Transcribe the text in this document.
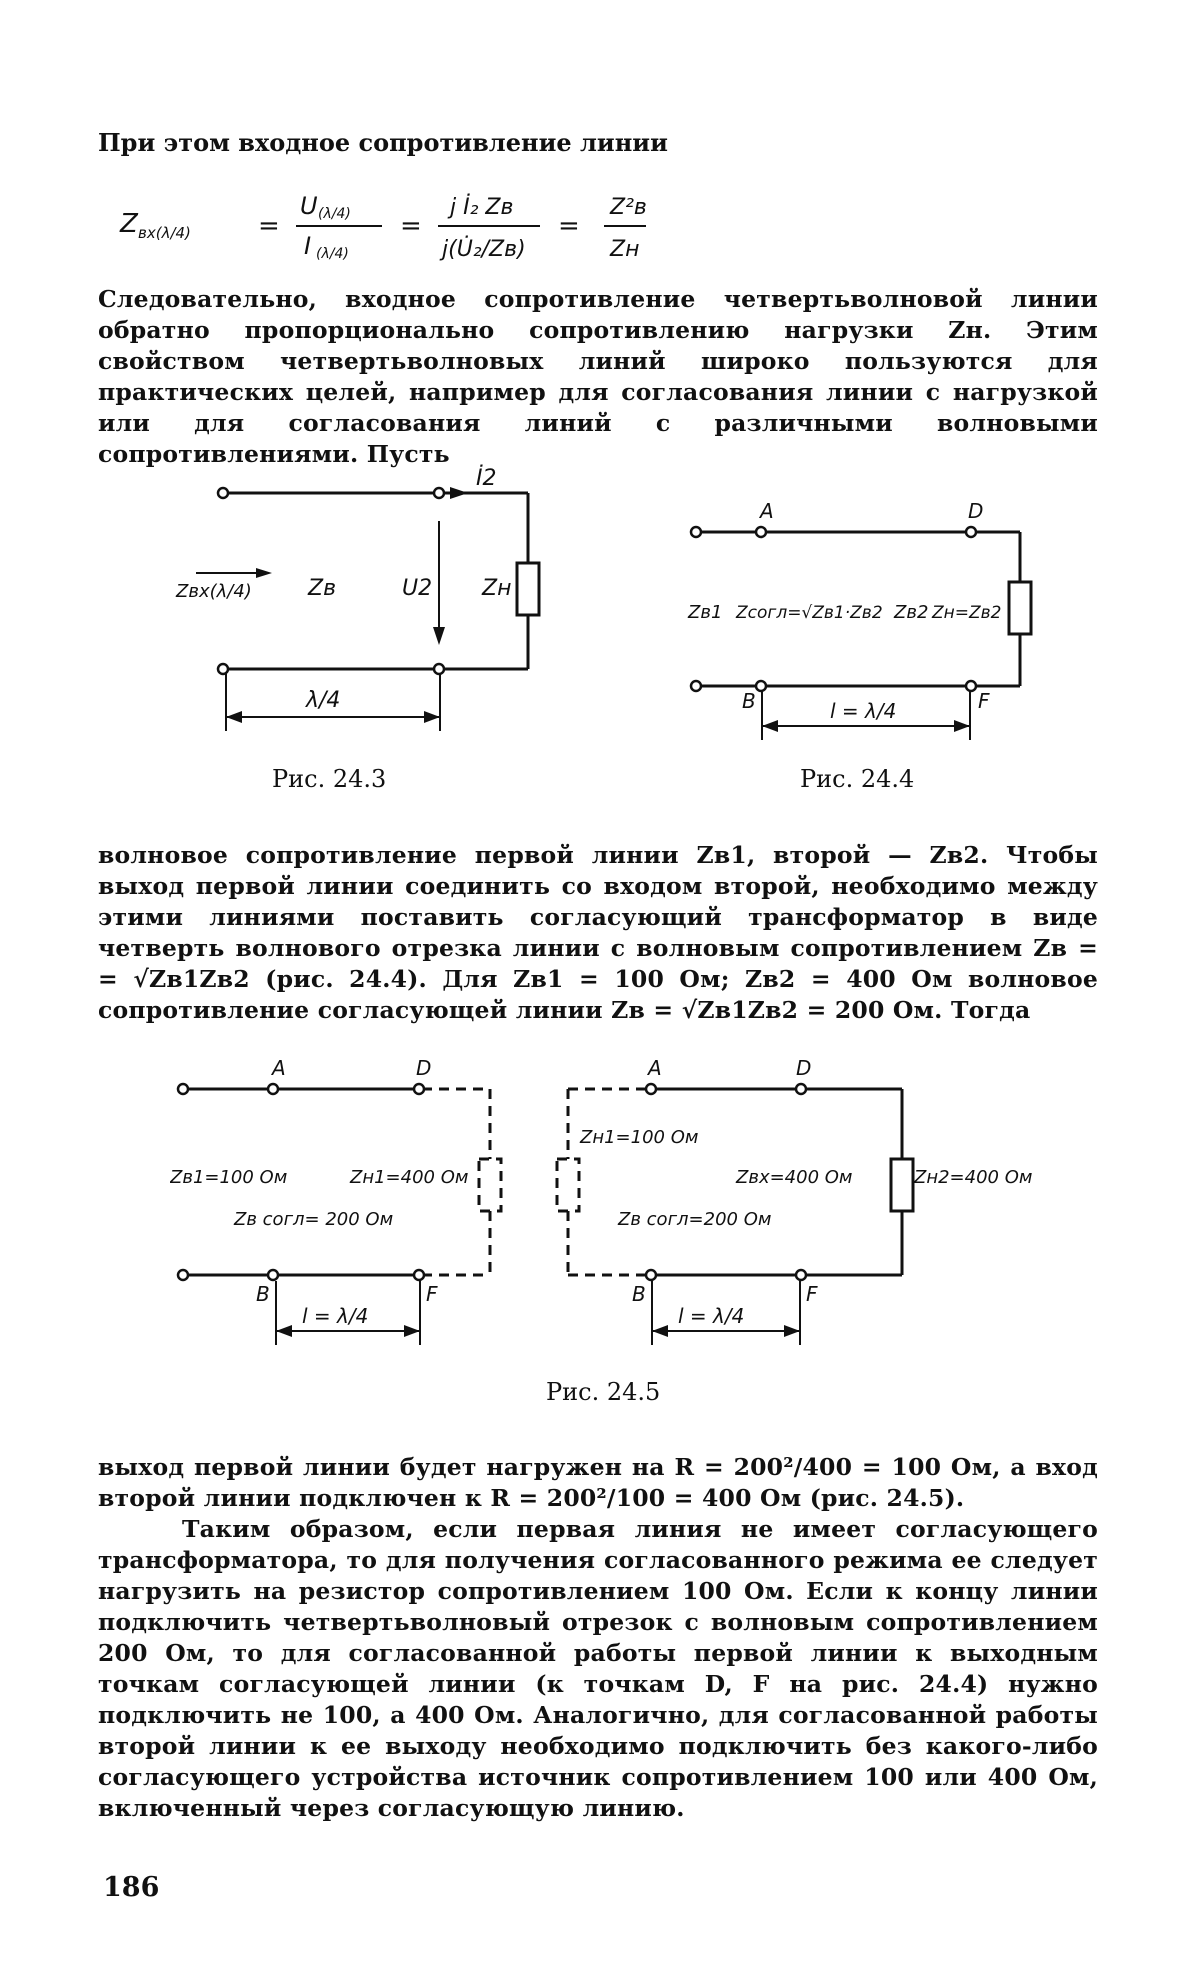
При этом входное сопротивление линии
Z вх(λ/4)	=
U (λ/4)
I (λ/4)
=
j İ₂ Zв
j(U̇₂/Zв)
=
Z²в
Zн
Следовательно, входное сопротивление четвертьволновой линии обратно пропорционально сопротивлению нагрузки Zн. Этим свойством четвертьволновых линий широко пользуются для практических целей, например для согласования линии с нагрузкой или для согласования линий с различными волновыми сопротивлениями. Пусть
İ2
Zвх(λ/4)	Zв	U2 Zн
λ/4
Рис. 24.3
A	D
B	F
Zв1 Zсогл=√Zв1·Zв2 Zв2 Zн=Zв2
l = λ/4
Рис. 24.4
волновое сопротивление первой линии Zв1, второй — Zв2. Чтобы выход первой линии соединить со входом второй, необходимо между этими линиями поставить согласующий трансформатор в виде четверть волнового отрезка линии с волновым сопротивлением Zв = = √Zв1Zв2 (рис. 24.4). Для Zв1 = 100 Ом; Zв2 = 400 Ом волновое сопротивление согласующей линии Zв = √Zв1Zв2 = 200 Ом. Тогда
A	D
B	F
Zв1=100 Ом	Zн1=400 Ом
Zв согл= 200 Ом
l = λ/4
A	D
B	F
Zн1=100 Ом
Zвх=400 Ом	Zн2=400 Ом
Zв согл=200 Ом
l = λ/4
Рис. 24.5
выход первой линии будет нагружен на R = 200²/400 = 100 Ом, а вход второй линии подключен к R = 200²/100 = 400 Ом (рис. 24.5).
Таким образом, если первая линия не имеет согласующего трансформатора, то для получения согласованного режима ее следует нагрузить на резистор сопротивлением 100 Ом. Если к концу линии подключить четвертьволновый отрезок с волновым сопротивлением 200 Ом, то для согласованной работы первой линии к выходным точкам согласующей линии (к точкам D, F на рис. 24.4) нужно подключить не 100, а 400 Ом. Аналогично, для согласованной работы второй линии к ее выходу необходимо подключить без какого-либо согласующего устройства источник сопротивлением 100 или 400 Ом, включенный через согласующую линию.
186
